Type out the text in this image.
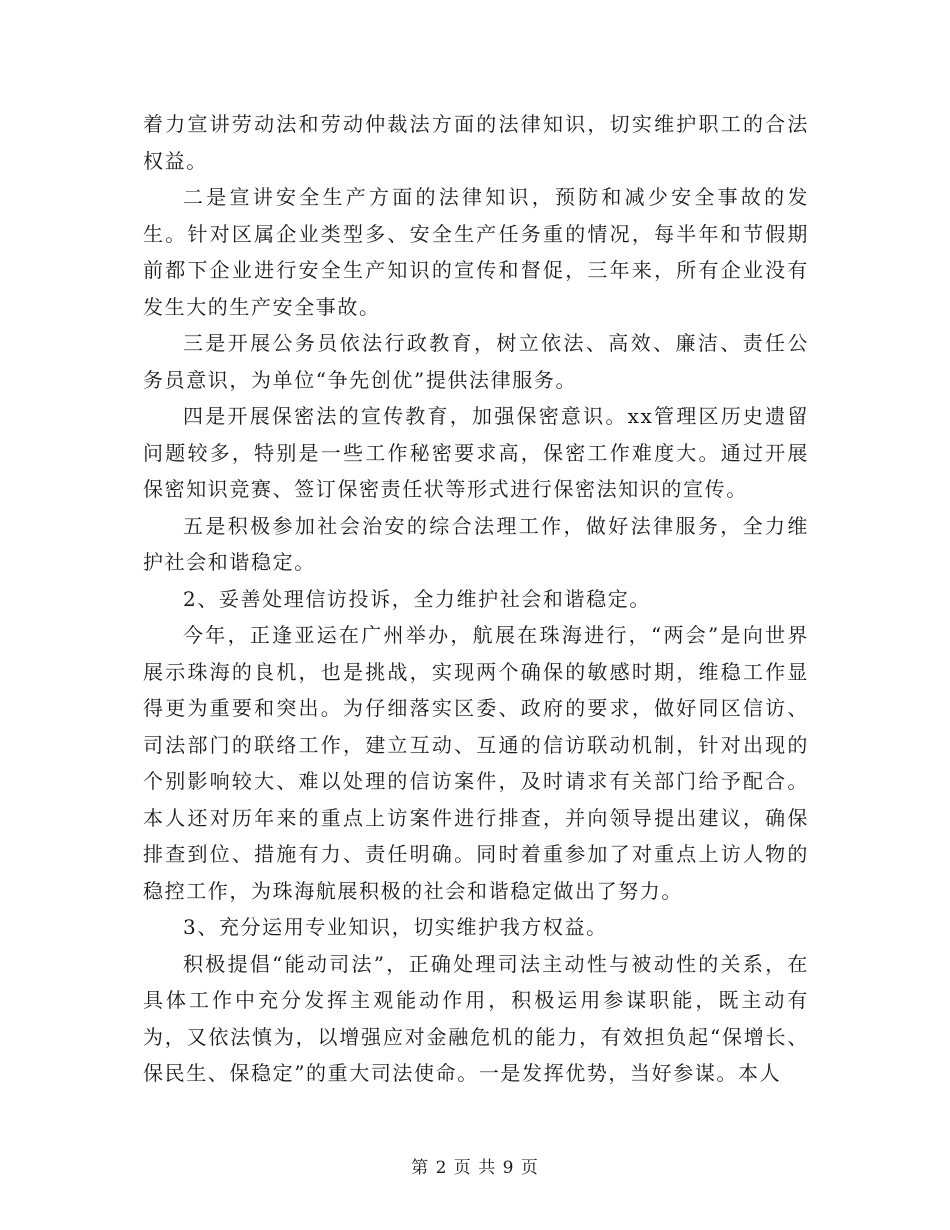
着力宣讲劳动法和劳动仲裁法方面的法律知识，切实维护职工的合法权益。

二是宣讲安全生产方面的法律知识，预防和减少安全事故的发生。针对区属企业类型多、安全生产任务重的情况，每半年和节假期前都下企业进行安全生产知识的宣传和督促，三年来，所有企业没有发生大的生产安全事故。

三是开展公务员依法行政教育，树立依法、高效、廉洁、责任公务员意识，为单位“争先创优”提供法律服务。

四是开展保密法的宣传教育，加强保密意识。xx管理区历史遗留问题较多，特别是一些工作秘密要求高，保密工作难度大。通过开展保密知识竞赛、签订保密责任状等形式进行保密法知识的宣传。

五是积极参加社会治安的综合法理工作，做好法律服务，全力维护社会和谐稳定。

2、妥善处理信访投诉，全力维护社会和谐稳定。

今年，正逢亚运在广州举办，航展在珠海进行，“两会”是向世界展示珠海的良机，也是挑战，实现两个确保的敏感时期，维稳工作显得更为重要和突出。为仔细落实区委、政府的要求，做好同区信访、司法部门的联络工作，建立互动、互通的信访联动机制，针对出现的个别影响较大、难以处理的信访案件，及时请求有关部门给予配合。本人还对历年来的重点上访案件进行排查，并向领导提出建议，确保排查到位、措施有力、责任明确。同时着重参加了对重点上访人物的稳控工作，为珠海航展积极的社会和谐稳定做出了努力。

3、充分运用专业知识，切实维护我方权益。

积极提倡“能动司法”，正确处理司法主动性与被动性的关系，在具体工作中充分发挥主观能动作用，积极运用参谋职能，既主动有为，又依法慎为，以增强应对金融危机的能力，有效担负起“保增长、保民生、保稳定”的重大司法使命。一是发挥优势，当好参谋。本人

第 2 页 共 9 页
